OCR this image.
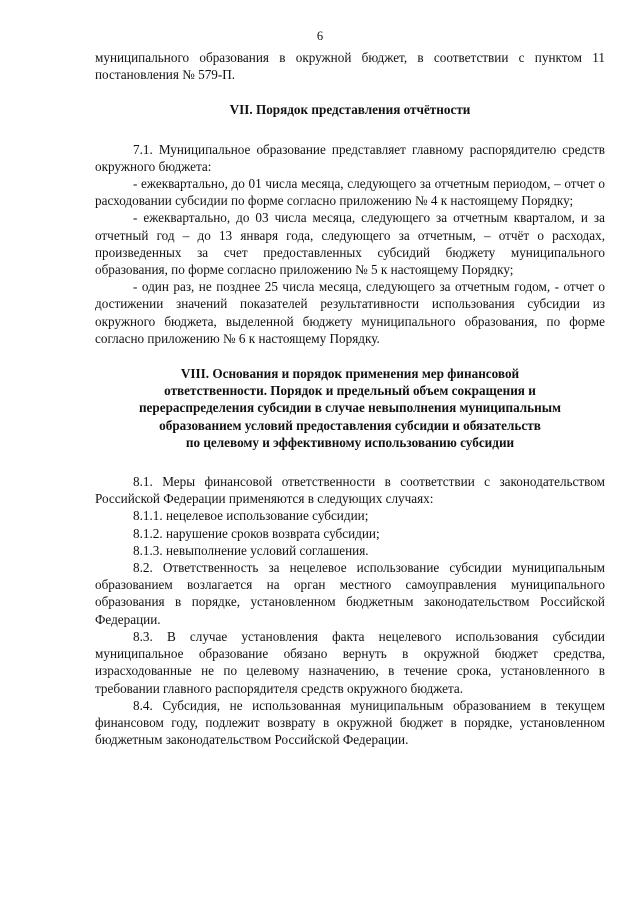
6

муниципального образования в окружной бюджет, в соответствии с пунктом 11 постановления № 579-П.

VII. Порядок представления отчётности

7.1. Муниципальное образование представляет главному распорядителю средств окружного бюджета:

- ежеквартально, до 01 числа месяца, следующего за отчетным периодом, – отчет о расходовании субсидии по форме согласно приложению № 4 к настоящему Порядку;

- ежеквартально, до 03 числа месяца, следующего за отчетным кварталом, и за отчетный год – до 13 января года, следующего за отчетным, – отчёт о расходах, произведенных за счет предоставленных субсидий бюджету муниципального образования, по форме согласно приложению № 5 к настоящему Порядку;

- один раз, не позднее 25 числа месяца, следующего за отчетным годом, - отчет о достижении значений показателей результативности использования субсидии из окружного бюджета, выделенной бюджету муниципального образования, по форме согласно приложению № 6 к настоящему Порядку.

VIII. Основания и порядок применения мер финансовой
ответственности. Порядок и предельный объем сокращения и
перераспределения субсидии в случае невыполнения муниципальным
образованием условий предоставления субсидии и обязательств
по целевому и эффективному использованию субсидии

8.1. Меры финансовой ответственности в соответствии с законодательством Российской Федерации применяются в следующих случаях:

8.1.1. нецелевое использование субсидии;

8.1.2. нарушение сроков возврата субсидии;

8.1.3. невыполнение условий соглашения.

8.2. Ответственность за нецелевое использование субсидии муниципальным образованием возлагается на орган местного самоуправления муниципального образования в порядке, установленном бюджетным законодательством Российской Федерации.

8.3. В случае установления факта нецелевого использования субсидии муниципальное образование обязано вернуть в окружной бюджет средства, израсходованные не по целевому назначению, в течение срока, установленного в требовании главного распорядителя средств окружного бюджета.

8.4. Субсидия, не использованная муниципальным образованием в текущем финансовом году, подлежит возврату в окружной бюджет в порядке, установленном бюджетным законодательством Российской Федерации.
